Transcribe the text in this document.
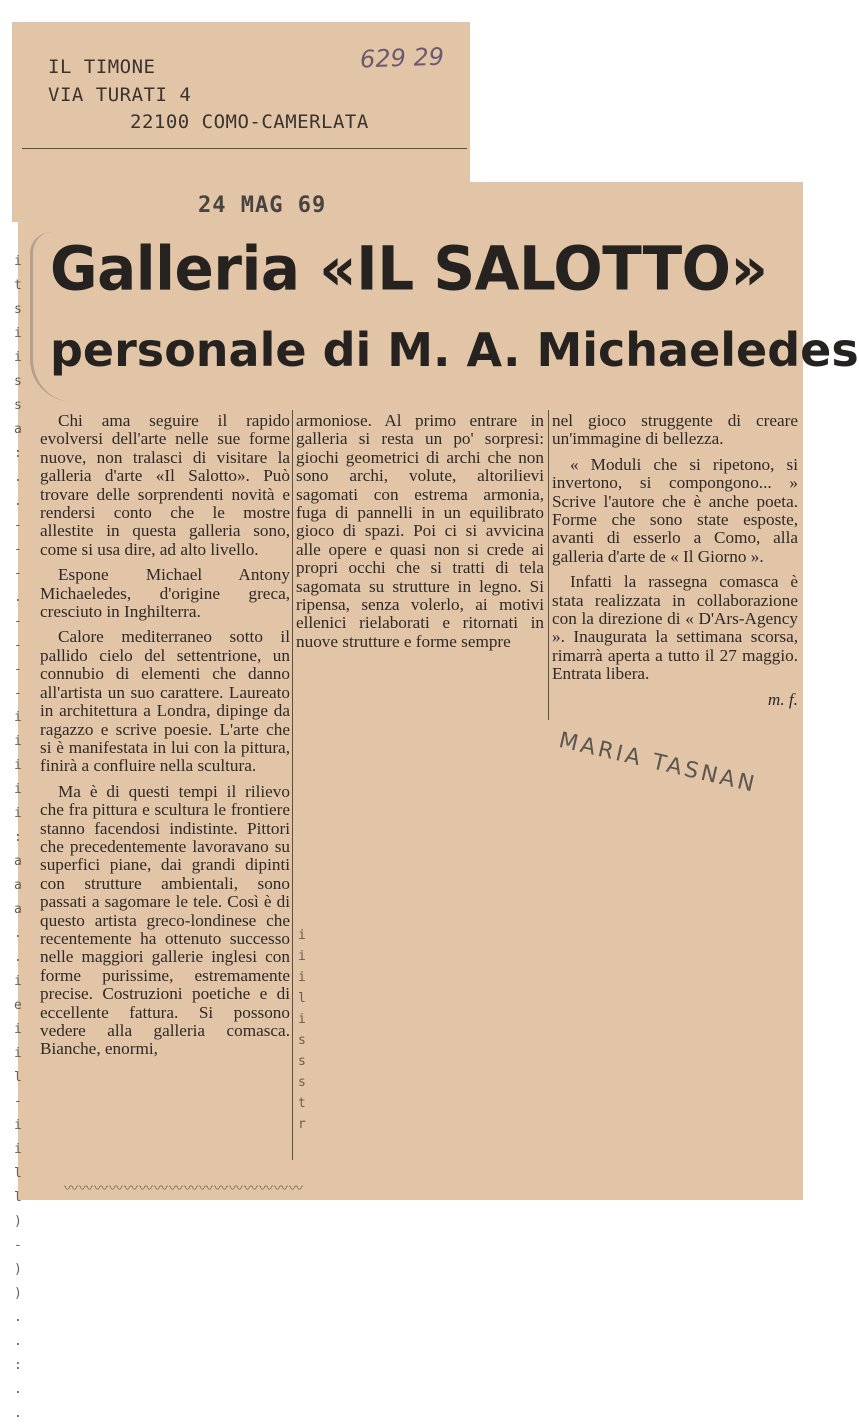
IL TIMONE
VIA TURATI 4
22100 COMO-CAMERLATA
629 29
24 MAG 69
Galleria «IL SALOTTO»
personale di M. A. Michaeledes
i t s i i s s a : . . - - - . - - - - i i i i i : a a a . . i e i i l - i i l l ) - ) ) . . : . .

Chi ama seguire il rapido evolversi dell'arte nelle sue forme nuove, non tralasci di visitare la galleria d'arte «Il Salotto». Può trovare delle sorprendenti novità e rendersi conto che le mostre allestite in questa galleria sono, come si usa dire, ad alto livello.

Espone Michael Antony Michaeledes, d'origine greca, cresciuto in Inghilterra.

Calore mediterraneo sotto il pallido cielo del settentrione, un connubio di elementi che danno all'artista un suo carattere. Laureato in architettura a Londra, dipinge da ragazzo e scrive poesie. L'arte che si è manifestata in lui con la pittura, finirà a confluire nella scultura.

Ma è di questi tempi il rilievo che fra pittura e scultura le frontiere stanno facendosi indistinte. Pittori che precedentemente lavoravano su superfici piane, dai grandi dipinti con strutture ambientali, sono passati a sagomare le tele. Così è di questo artista greco-londinese che recentemente ha ottenuto successo nelle maggiori gallerie inglesi con forme purissime, estremamente precise. Costruzioni poetiche e di eccellente fattura. Si possono vedere alla galleria comasca. Bianche, enormi,

armoniose. Al primo entrare in galleria si resta un po' sorpresi: giochi geometrici di archi che non sono archi, volute, altorilievi sagomati con estrema armonia, fuga di pannelli in un equilibrato gioco di spazi. Poi ci si avvicina alle opere e quasi non si crede ai propri occhi che si tratti di tela sagomata su strutture in legno. Si ripensa, senza volerlo, ai motivi ellenici rielaborati e ritornati in nuove strutture e forme sempre

i i i l i s s s t r

nel gioco struggente di creare un'immagine di bellezza.

« Moduli che si ripetono, si invertono, si compongono... » Scrive l'autore che è anche poeta. Forme che sono state esposte, avanti di esserlo a Como, alla galleria d'arte de « Il Giorno ».

Infatti la rassegna comasca è stata realizzata in collaborazione con la direzione di « D'Ars-Agency ». Inaugurata la settimana scorsa, rimarrà aperta a tutto il 27 maggio. Entrata libera.

m. f.

MARIA TASNAN
〰〰〰〰〰〰〰〰〰〰〰〰〰〰〰〰
